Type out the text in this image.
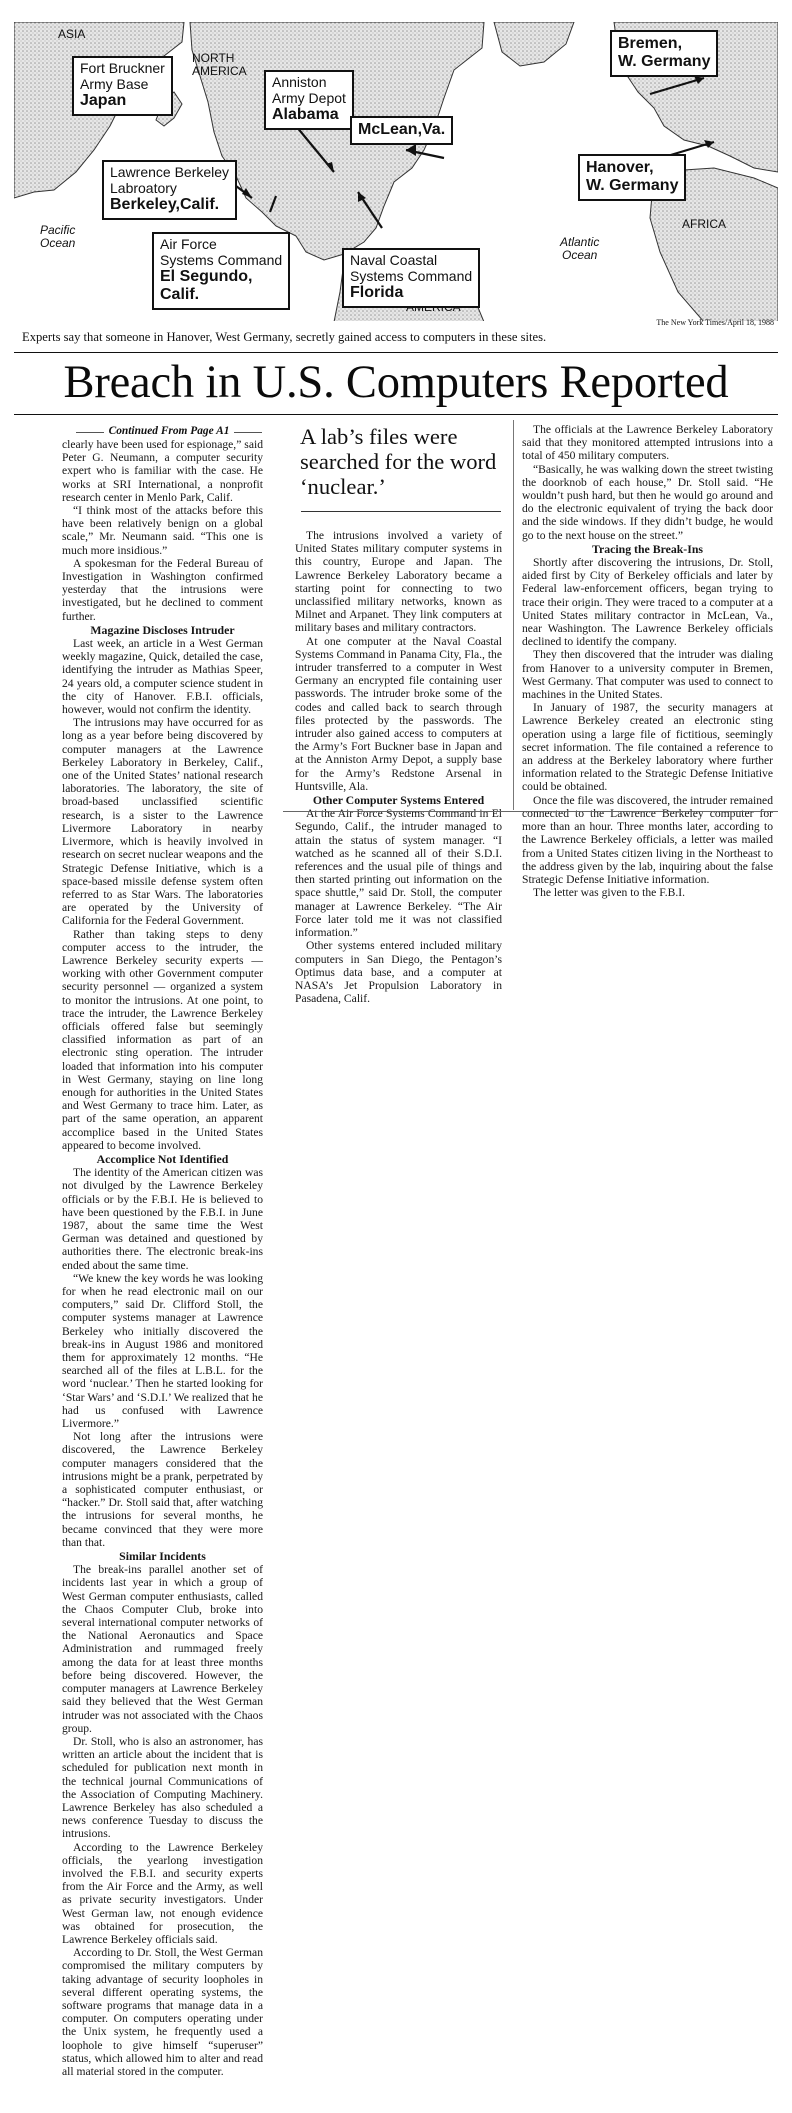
ASIA
NORTH
AMERICA
AFRICA
Pacific
Ocean	Atlantic
Ocean
Fort Bruckner
Army Base
Japan
Anniston
Army Depot
Alabama
McLean,Va.
Bremen,
W. Germany
Lawrence Berkeley
Labroatory
Berkeley,Calif.
Hanover,
W. Germany
Air Force
Systems Command
El Segundo,
Calif.
Naval Coastal
Systems Command
Florida
The New York Times/April 18, 1988
Experts say that someone in Hanover, West Germany, secretly gained access to computers in these sites.
Breach in U.S. Computers Reported
Continued From Page A1	A lab’s files were searched for the word ‘nuclear.’

clearly have been used for espionage,” said Peter G. Neumann, a computer security expert who is familiar with the case. He works at SRI International, a nonprofit research center in Menlo Park, Calif.

“I think most of the attacks before this have been relatively benign on a global scale,” Mr. Neumann said. “This one is much more insidious.”

A spokesman for the Federal Bureau of Investigation in Washington confirmed yesterday that the intrusions were investigated, but he declined to comment further.

Magazine Discloses Intruder

Last week, an article in a West German weekly magazine, Quick, detailed the case, identifying the intruder as Mathias Speer, 24 years old, a computer science student in the city of Hanover. F.B.I. officials, however, would not confirm the identity.

The intrusions may have occurred for as long as a year before being discovered by computer managers at the Lawrence Berkeley Laboratory in Berkeley, Calif., one of the United States’ national research laboratories. The laboratory, the site of broad-based unclassified scientific research, is a sister to the Lawrence Livermore Laboratory in nearby Livermore, which is heavily involved in research on secret nuclear weapons and the Strategic Defense Initiative, which is a space-based missile defense system often referred to as Star Wars. The laboratories are operated by the University of California for the Federal Government.

Rather than taking steps to deny computer access to the intruder, the Lawrence Berkeley security experts — working with other Government computer security personnel — organized a system to monitor the intrusions. At one point, to trace the intruder, the Lawrence Berkeley officials offered false but seemingly classified information as part of an electronic sting operation. The intruder loaded that information into his computer in West Germany, staying on line long enough for authorities in the United States and West Germany to trace him. Later, as part of the same operation, an apparent accomplice based in the United States appeared to become involved.

Accomplice Not Identified

The identity of the American citizen was not divulged by the Lawrence Berkeley officials or by the F.B.I. He is believed to have been questioned by the F.B.I. in June 1987, about the same time the West German was detained and questioned by authorities there. The electronic break-ins ended about the same time.

“We knew the key words he was looking for when he read electronic mail on our computers,” said Dr. Clifford Stoll, the computer systems manager at Lawrence Berkeley who initially discovered the break-ins in August 1986 and monitored them for approximately 12 months. “He searched all of the files at L.B.L. for the word ‘nuclear.’ Then he started looking for ‘Star Wars’ and ‘S.D.I.’ We realized that he had us confused with Lawrence Livermore.”

Not long after the intrusions were discovered, the Lawrence Berkeley computer managers considered that the intrusions might be a prank, perpetrated by a sophisticated computer enthusiast, or “hacker.” Dr. Stoll said that, after watching the intrusions for several months, he became convinced that they were more than that.

Similar Incidents

The break-ins parallel another set of incidents last year in which a group of West German computer enthusiasts, called the Chaos Computer Club, broke into several international computer networks of the National Aeronautics and Space Administration and rummaged freely among the data for at least three months before being discovered. However, the computer managers at Lawrence Berkeley said they believed that the West German intruder was not associated with the Chaos group.

Dr. Stoll, who is also an astronomer, has written an article about the incident that is scheduled for publication next month in the technical journal Communications of the Association of Computing Machinery. Lawrence Berkeley has also scheduled a news conference Tuesday to discuss the intrusions.

According to the Lawrence Berkeley officials, the yearlong investigation involved the F.B.I. and security experts from the Air Force and the Army, as well as private security investigators. Under West German law, not enough evidence was obtained for prosecution, the Lawrence Berkeley officials said.

According to Dr. Stoll, the West German compromised the military computers by taking advantage of security loopholes in several different operating systems, the software programs that manage data in a computer. On computers operating under the Unix system, he frequently used a loophole to give himself “superuser” status, which allowed him to alter and read all material stored in the computer.

The intrusions involved a variety of United States military computer systems in this country, Europe and Japan. The Lawrence Berkeley Laboratory became a starting point for connecting to two unclassified military networks, known as Milnet and Arpanet. They link computers at military bases and military contractors.

At one computer at the Naval Coastal Systems Command in Panama City, Fla., the intruder transferred to a computer in West Germany an encrypted file containing user passwords. The intruder broke some of the codes and called back to search through files protected by the passwords. The intruder also gained access to computers at the Army’s Fort Buckner base in Japan and at the Anniston Army Depot, a supply base for the Army’s Redstone Arsenal in Huntsville, Ala.

Other Computer Systems Entered

At the Air Force Systems Command in El Segundo, Calif., the intruder managed to attain the status of system manager. “I watched as he scanned all of their S.D.I. references and the usual pile of things and then started printing out information on the space shuttle,” said Dr. Stoll, the computer manager at Lawrence Berkeley. “The Air Force later told me it was not classified information.”

Other systems entered included military computers in San Diego, the Pentagon’s Optimus data base, and a computer at NASA’s Jet Propulsion Laboratory in Pasadena, Calif.

The officials at the Lawrence Berkeley Laboratory said that they monitored attempted intrusions into a total of 450 military computers.

“Basically, he was walking down the street twisting the doorknob of each house,” Dr. Stoll said. “He wouldn’t push hard, but then he would go around and do the electronic equivalent of trying the back door and the side windows. If they didn’t budge, he would go to the next house on the street.”

Tracing the Break-Ins

Shortly after discovering the intrusions, Dr. Stoll, aided first by City of Berkeley officials and later by Federal law-enforcement officers, began trying to trace their origin. They were traced to a computer at a United States military contractor in McLean, Va., near Washington. The Lawrence Berkeley officials declined to identify the company.

They then discovered that the intruder was dialing from Hanover to a university computer in Bremen, West Germany. That computer was used to connect to machines in the United States.

In January of 1987, the security managers at Lawrence Berkeley created an electronic sting operation using a large file of fictitious, seemingly secret information. The file contained a reference to an address at the Berkeley laboratory where further information related to the Strategic Defense Initiative could be obtained.

Once the file was discovered, the intruder remained connected to the Lawrence Berkeley computer for more than an hour. Three months later, according to the Lawrence Berkeley officials, a letter was mailed from a United States citizen living in the Northeast to the address given by the lab, inquiring about the false Strategic Defense Initiative information.

The letter was given to the F.B.I.
